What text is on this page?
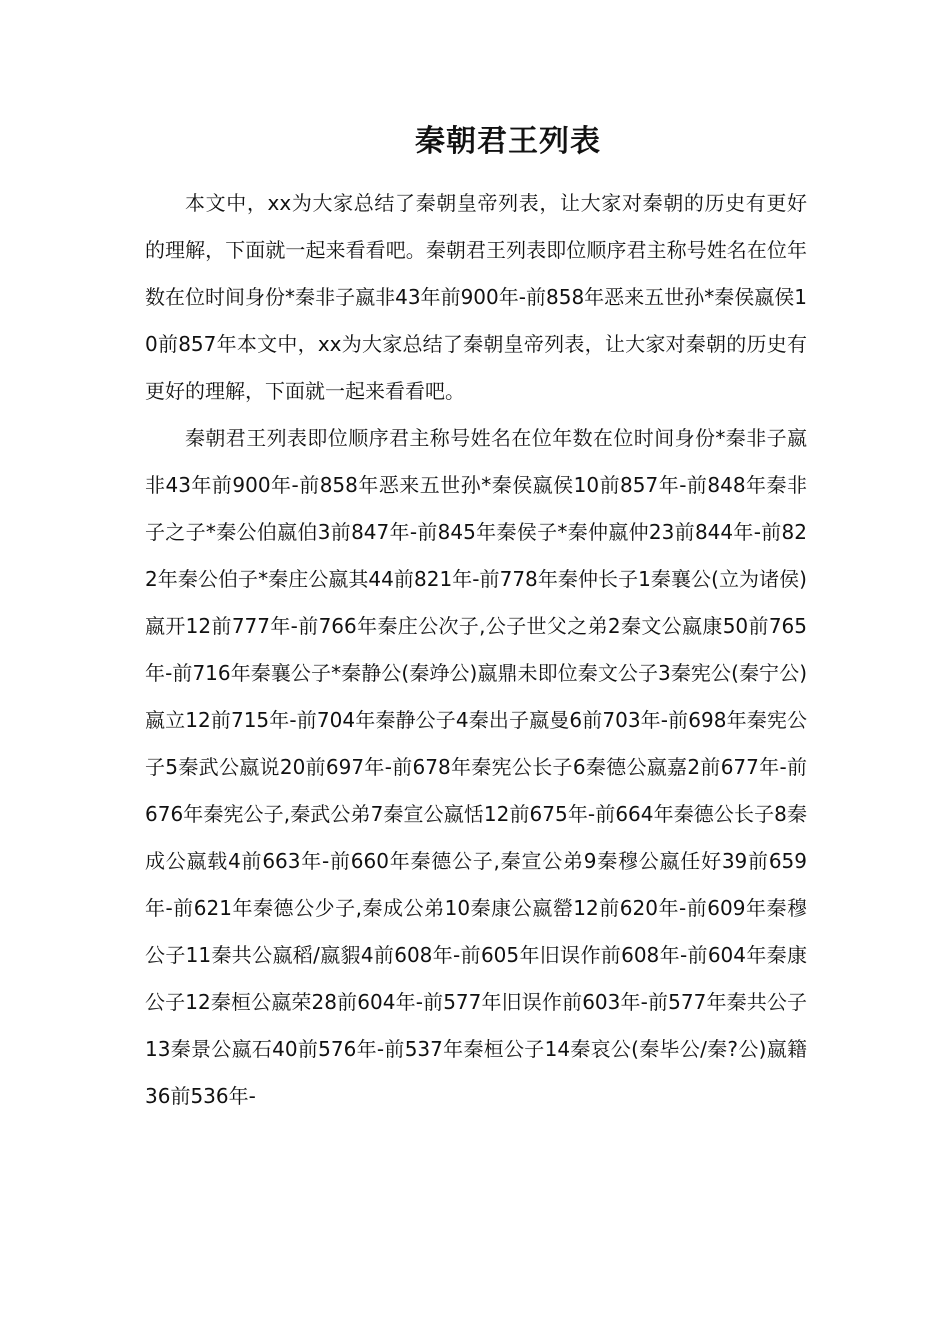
秦朝君王列表

本文中，xx为大家总结了秦朝皇帝列表，让大家对秦朝的历史有更好的理解，下面就一起来看看吧。秦朝君王列表即位顺序君主称号姓名在位年数在位时间身份*秦非子嬴非43年前900年-前858年恶来五世孙*秦侯嬴侯10前857年本文中，xx为大家总结了秦朝皇帝列表，让大家对秦朝的历史有更好的理解，下面就一起来看看吧。

秦朝君王列表即位顺序君主称号姓名在位年数在位时间身份*秦非子嬴非43年前900年-前858年恶来五世孙*秦侯嬴侯10前857年-前848年秦非子之子*秦公伯嬴伯3前847年-前845年秦侯子*秦仲嬴仲23前844年-前822年秦公伯子*秦庄公嬴其44前821年-前778年秦仲长子1秦襄公(立为诸侯)嬴开12前777年-前766年秦庄公次子,公子世父之弟2秦文公嬴康50前765年-前716年秦襄公子*秦静公(秦竫公)嬴鼎未即位秦文公子3秦宪公(秦宁公)嬴立12前715年-前704年秦静公子4秦出子嬴曼6前703年-前698年秦宪公子5秦武公嬴说20前697年-前678年秦宪公长子6秦德公嬴嘉2前677年-前676年秦宪公子,秦武公弟7秦宣公嬴恬12前675年-前664年秦德公长子8秦成公嬴载4前663年-前660年秦德公子,秦宣公弟9秦穆公嬴任好39前659年-前621年秦德公少子,秦成公弟10秦康公嬴罃12前620年-前609年秦穆公子11秦共公嬴稻/嬴貑4前608年-前605年旧误作前608年-前604年秦康公子12秦桓公嬴荣28前604年-前577年旧误作前603年-前577年秦共公子13秦景公嬴石40前576年-前537年秦桓公子14秦哀公(秦毕公/秦?公)嬴籍36前536年-
